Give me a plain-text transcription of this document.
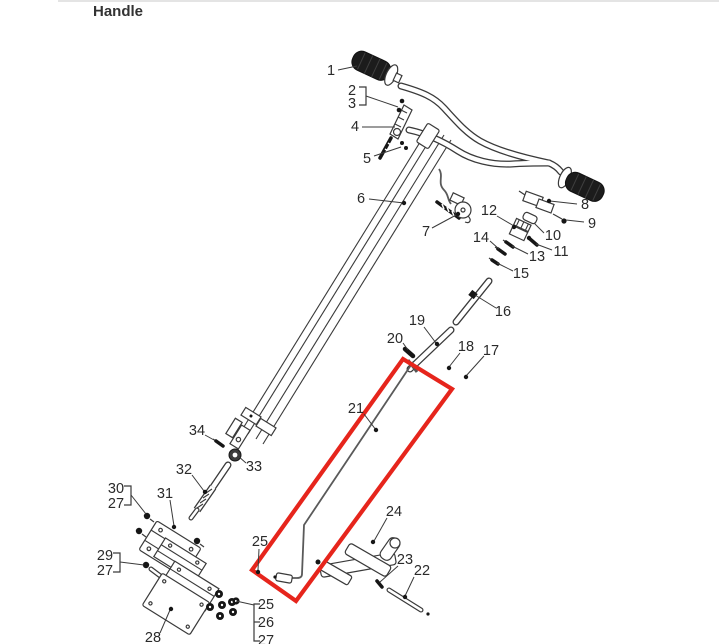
Handle
1
2
3
4
5
6
7
8
9
10
11
12
13
14
15
16
17
18
19
20
21
22
23
24
25
28
29
27
30
27
31
32	33
34
25
26
27
